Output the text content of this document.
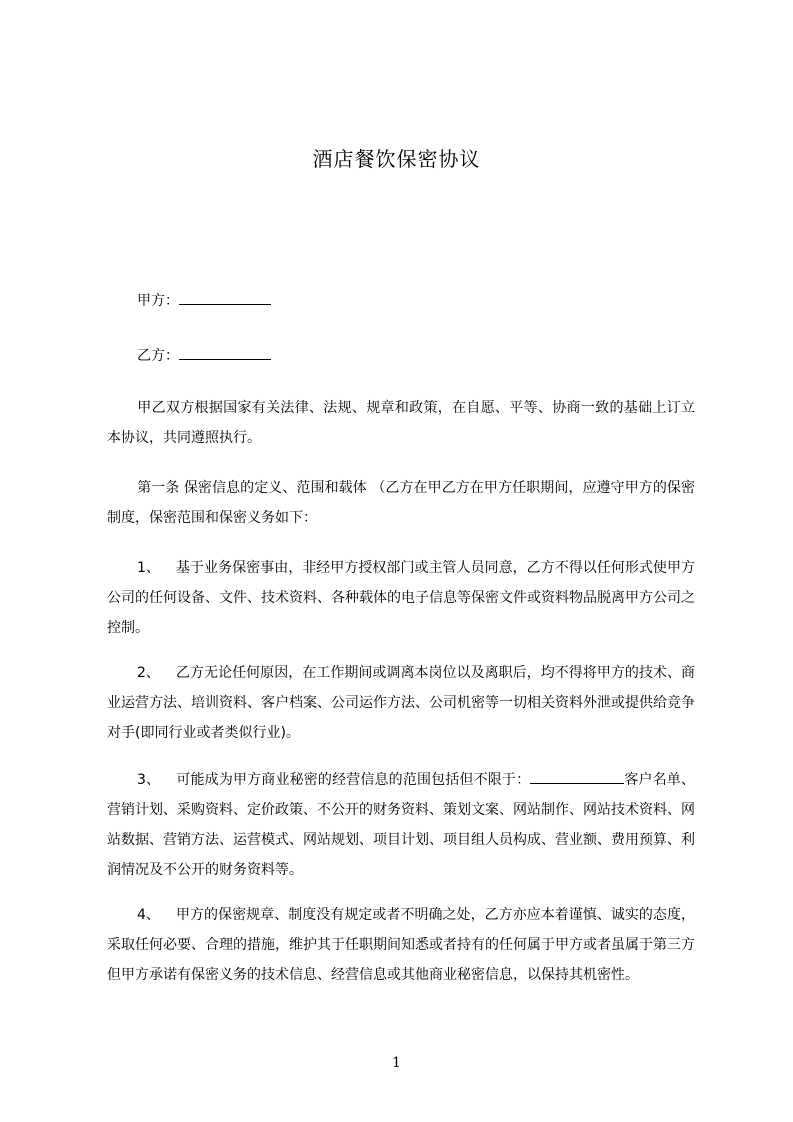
酒店餐饮保密协议
甲方：
乙方：
甲乙双方根据国家有关法律、法规、规章和政策，在自愿、平等、协商一致的基础上订立本协议，共同遵照执行。
第一条 保密信息的定义、范围和载体 （乙方在甲乙方在甲方任职期间，应遵守甲方的保密制度，保密范围和保密义务如下：
1、 基于业务保密事由，非经甲方授权部门或主管人员同意，乙方不得以任何形式使甲方公司的任何设备、文件、技术资料、各种载体的电子信息等保密文件或资料物品脱离甲方公司之控制。
2、 乙方无论任何原因，在工作期间或调离本岗位以及离职后，均不得将甲方的技术、商业运营方法、培训资料、客户档案、公司运作方法、公司机密等一切相关资料外泄或提供给竞争对手(即同行业或者类似行业)。
3、 可能成为甲方商业秘密的经营信息的范围包括但不限于：	客户名单、营销计划、采购资料、定价政策、不公开的财务资料、策划文案、网站制作、网站技术资料、网站数据、营销方法、运营模式、网站规划、项目计划、项目组人员构成、营业额、费用预算、利润情况及不公开的财务资料等。
4、 甲方的保密规章、制度没有规定或者不明确之处，乙方亦应本着谨慎、诚实的态度，采取任何必要、合理的措施，维护其于任职期间知悉或者持有的任何属于甲方或者虽属于第三方但甲方承诺有保密义务的技术信息、经营信息或其他商业秘密信息，以保持其机密性。
1
